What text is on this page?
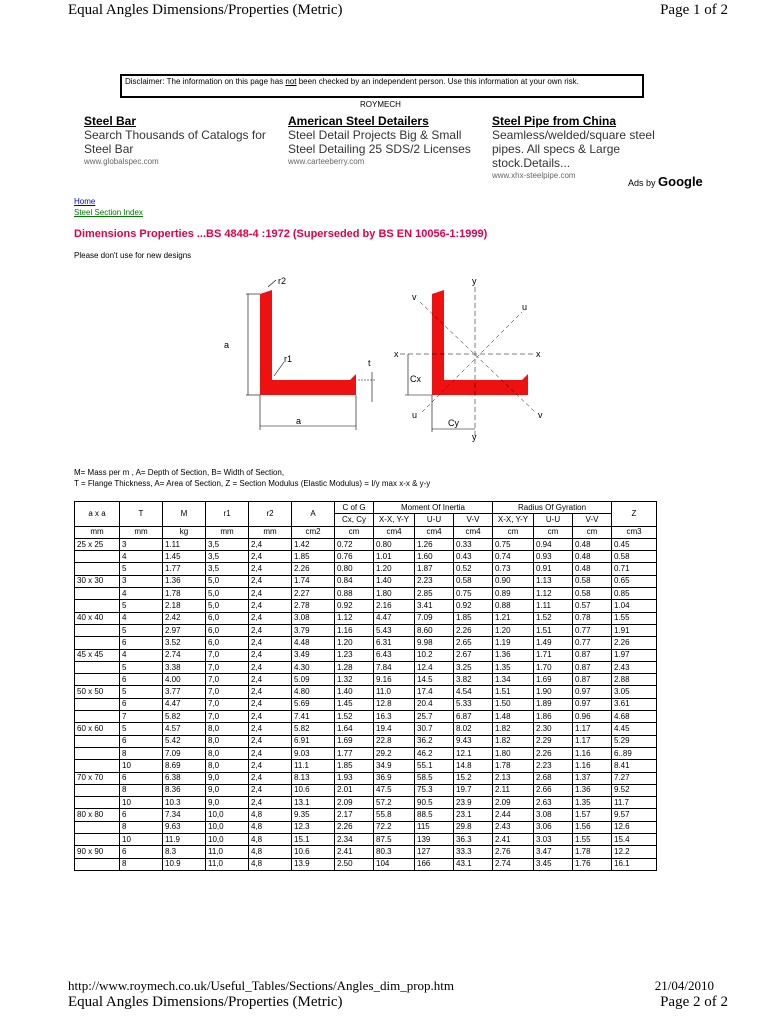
Equal Angles Dimensions/Properties (Metric)	Page 1 of 2
Disclaimer: The information on this page has not been checked by an independent person. Use this information at your own risk.
ROYMECH
Steel Bar
Search Thousands of Catalogs for Steel Bar
www.globalspec.com
American Steel Detailers
Steel Detail Projects Big & Small Steel Detailing 25 SDS/2 Licenses
www.carteeberry.com
Steel Pipe from China
Seamless/welded/square steel pipes. All specs & Large stock.Details...
www.xhx-steelpipe.com
Ads by Google
Home
Steel Section Index
Dimensions Properties ...BS 4848-4 :1972 (Superseded by BS EN 10056-1:1999)
Please don't use for new designs
r2
a
r1	t
a
y
v
u
x	x
Cx
u	v
Cy
y
M= Mass per m , A= Depth of Section, B= Width of Section,
T = Flange Thickness, A= Area of Section, Z = Section Modulus (Elastic Modulus) = I/y max x-x & y-y
a x a	T	M	r1	r2	A	C of G	Moment Of Inertia			Radius Of Gyration			Z
						Cx, Cy	X-X, Y-Y	U-U	V-V	X-X, Y-Y	U-U	V-V	
mm	mm	kg	mm	mm	cm2	cm	cm4	cm4	cm4	cm	cm	cm	cm3
25 x 25	3	1.11	3,5	2,4	1.42	0.72	0.80	1.26	0.33	0.75	0.94	0.48	0.45
	4	1.45	3,5	2,4	1.85	0.76	1.01	1.60	0.43	0.74	0.93	0.48	0.58
	5	1.77	3,5	2,4	2.26	0.80	1.20	1.87	0.52	0.73	0.91	0.48	0.71
30 x 30	3	1.36	5,0	2,4	1.74	0.84	1.40	2.23	0.58	0.90	1.13	0.58	0.65
	4	1.78	5,0	2,4	2.27	0.88	1.80	2.85	0.75	0.89	1.12	0.58	0.85
	5	2.18	5,0	2,4	2.78	0.92	2.16	3.41	0.92	0.88	1.11	0.57	1.04
40 x 40	4	2.42	6,0	2,4	3.08	1.12	4.47	7.09	1.85	1.21	1.52	0.78	1.55
	5	2.97	6,0	2,4	3.79	1.16	5.43	8.60	2.26	1.20	1.51	0.77	1.91
	6	3.52	6,0	2,4	4.48	1.20	6.31	9.98	2.65	1.19	1.49	0.77	2.26
45 x 45	4	2.74	7,0	2,4	3.49	1.23	6.43	10.2	2.67	1.36	1.71	0.87	1.97
	5	3.38	7,0	2,4	4.30	1.28	7.84	12.4	3.25	1.35	1.70	0.87	2.43
	6	4.00	7,0	2,4	5.09	1.32	9.16	14.5	3.82	1.34	1.69	0.87	2.88
50 x 50	5	3.77	7,0	2,4	4.80	1.40	11.0	17.4	4.54	1.51	1.90	0.97	3.05
	6	4.47	7,0	2,4	5.69	1.45	12.8	20.4	5.33	1.50	1.89	0.97	3.61
	7	5.82	7,0	2,4	7.41	1.52	16.3	25.7	6.87	1.48	1.86	0.96	4.68
60 x 60	5	4.57	8,0	2,4	5.82	1.64	19.4	30.7	8.02	1.82	2.30	1.17	4.45
	6	5.42	8,0	2,4	6.91	1.69	22.8	36.2	9.43	1.82	2.29	1.17	5.29
	8	7.09	8,0	2,4	9.03	1.77	29.2	46.2	12.1	1.80	2.26	1.16	6..89
	10	8.69	8,0	2,4	11.1	1.85	34.9	55.1	14.8	1.78	2.23	1.16	8.41
70 x 70	6	6.38	9,0	2,4	8.13	1.93	36.9	58.5	15.2	2.13	2.68	1.37	7.27
	8	8.36	9,0	2,4	10.6	2.01	47.5	75.3	19.7	2.11	2.66	1.36	9.52
	10	10.3	9,0	2,4	13.1	2.09	57.2	90.5	23.9	2.09	2.63	1.35	11.7
80 x 80	6	7.34	10,0	4,8	9.35	2.17	55.8	88.5	23.1	2.44	3.08	1.57	9.57
	8	9.63	10,0	4,8	12.3	2.26	72.2	115	29.8	2.43	3.06	1.56	12.6
	10	11.9	10,0	4,8	15.1	2.34	87.5	139	36.3	2.41	3.03	1.55	15.4
90 x 90	6	8.3	11,0	4,8	10.6	2.41	80.3	127	33.3	2.76	3.47	1.78	12.2
	8	10.9	11,0	4,8	13.9	2.50	104	166	43.1	2.74	3.45	1.76	16.1
http://www.roymech.co.uk/Useful_Tables/Sections/Angles_dim_prop.htm	21/04/2010
Equal Angles Dimensions/Properties (Metric)	Page 2 of 2
